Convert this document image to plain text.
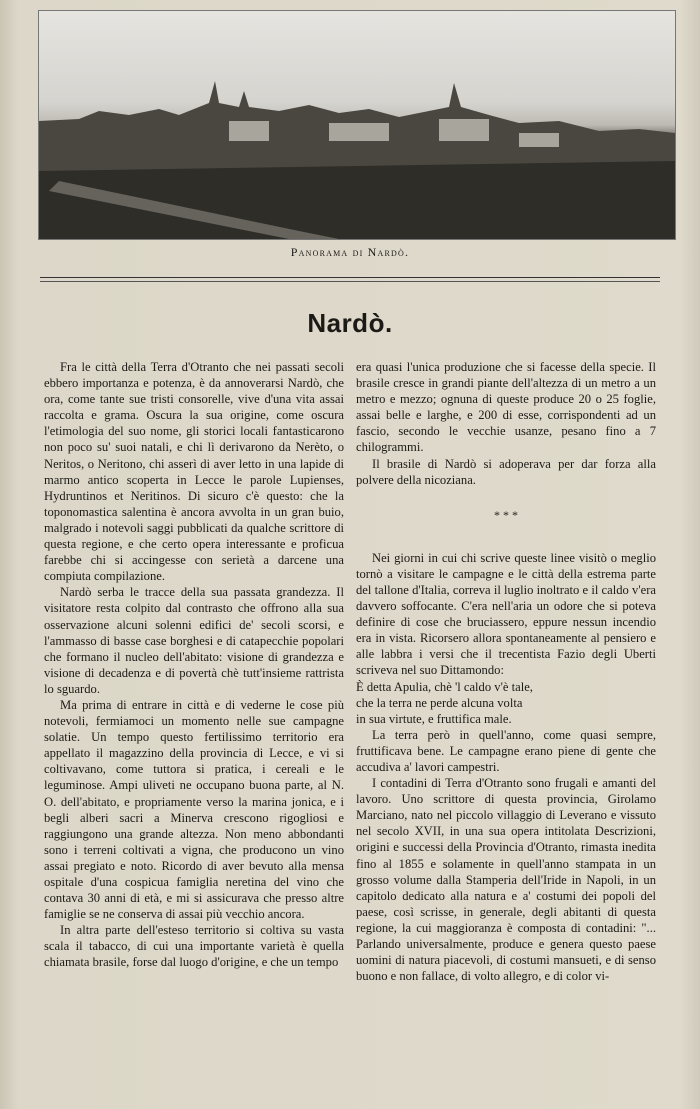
Panorama di Nardò.
Nardò.

Fra le città della Terra d'Otranto che nei passati secoli ebbero importanza e potenza, è da annoverarsi Nardò, che ora, come tante sue tristi consorelle, vive d'una vita assai raccolta e grama. Oscura la sua origine, come oscura l'etimologia del suo nome, gli storici locali fantasticarono non poco su' suoi natali, e chi lì derivarono da Nerèto, o Neritos, o Neritono, chi asserì di aver letto in una lapide di marmo antico scoperta in Lecce le parole Lupienses, Hydruntinos et Neritinos. Di sicuro c'è questo: che la toponomastica salentina è ancora avvolta in un gran buio, malgrado i notevoli saggi pubblicati da qualche scrittore di questa regione, e che certo opera interessante e proficua farebbe chi si accingesse con serietà a darcene una compiuta compilazione.

Nardò serba le tracce della sua passata grandezza. Il visitatore resta colpito dal contrasto che offrono alla sua osservazione alcuni solenni edifici de' secoli scorsi, e l'ammasso di basse case borghesi e di catapecchie popolari che formano il nucleo dell'abitato: visione di grandezza e visione di decadenza e di povertà chè tutt'insieme rattrista lo sguardo.

Ma prima di entrare in città e di vederne le cose più notevoli, fermiamoci un momento nelle sue campagne solatie. Un tempo questo fertilissimo territorio era appellato il magazzino della provincia di Lecce, e vi si coltivavano, come tuttora si pratica, i cereali e le leguminose. Ampi uliveti ne occupano buona parte, al N. O. dell'abitato, e propriamente verso la marina jonica, e i begli alberi sacri a Minerva crescono rigogliosi e raggiungono una grande altezza. Non meno abbondanti sono i terreni coltivati a vigna, che producono un vino assai pregiato e noto. Ricordo di aver bevuto alla mensa ospitale d'una cospicua famiglia neretina del vino che contava 30 anni di età, e mi si assicurava che presso altre famiglie se ne conserva di assai più vecchio ancora.

In altra parte dell'esteso territorio si coltiva su vasta scala il tabacco, di cui una importante varietà è quella chiamata brasile, forse dal luogo d'origine, e che un tempo

era quasi l'unica produzione che si facesse della specie. Il brasile cresce in grandi piante dell'altezza di un metro a un metro e mezzo; ognuna di queste produce 20 o 25 foglie, assai belle e larghe, e 200 di esse, corrispondenti ad un fascio, secondo le vecchie usanze, pesano fino a 7 chilogrammi.

Il brasile di Nardò si adoperava per dar forza alla polvere della nicoziana.

* * *

Nei giorni in cui chi scrive queste linee visitò o meglio tornò a visitare le campagne e le città della estrema parte del tallone d'Italia, correva il luglio inoltrato e il caldo v'era davvero soffocante. C'era nell'aria un odore che si poteva definire di cose che bruciassero, eppure nessun incendio era in vista. Ricorsero allora spontaneamente al pensiero e alle labbra i versi che il trecentista Fazio degli Uberti scriveva nel suo Dittamondo:

È detta Apulia, chè 'l caldo v'è tale,
che la terra ne perde alcuna volta
in sua virtute, e fruttifica male.

La terra però in quell'anno, come quasi sempre, fruttificava bene. Le campagne erano piene di gente che accudiva a' lavori campestri.

I contadini di Terra d'Otranto sono frugali e amanti del lavoro. Uno scrittore di questa provincia, Girolamo Marciano, nato nel piccolo villaggio di Leverano e vissuto nel secolo XVII, in una sua opera intitolata Descrizioni, origini e successi della Provincia d'Otranto, rimasta inedita fino al 1855 e solamente in quell'anno stampata in un grosso volume dalla Stamperia dell'Iride in Napoli, in un capitolo dedicato alla natura e a' costumi dei popoli del paese, così scrisse, in generale, degli abitanti di questa regione, la cui maggioranza è composta di contadini: "... Parlando universalmente, produce e genera questo paese uomini di natura piacevoli, di costumi mansueti, e di senso buono e non fallace, di volto allegro, e di color vi-
